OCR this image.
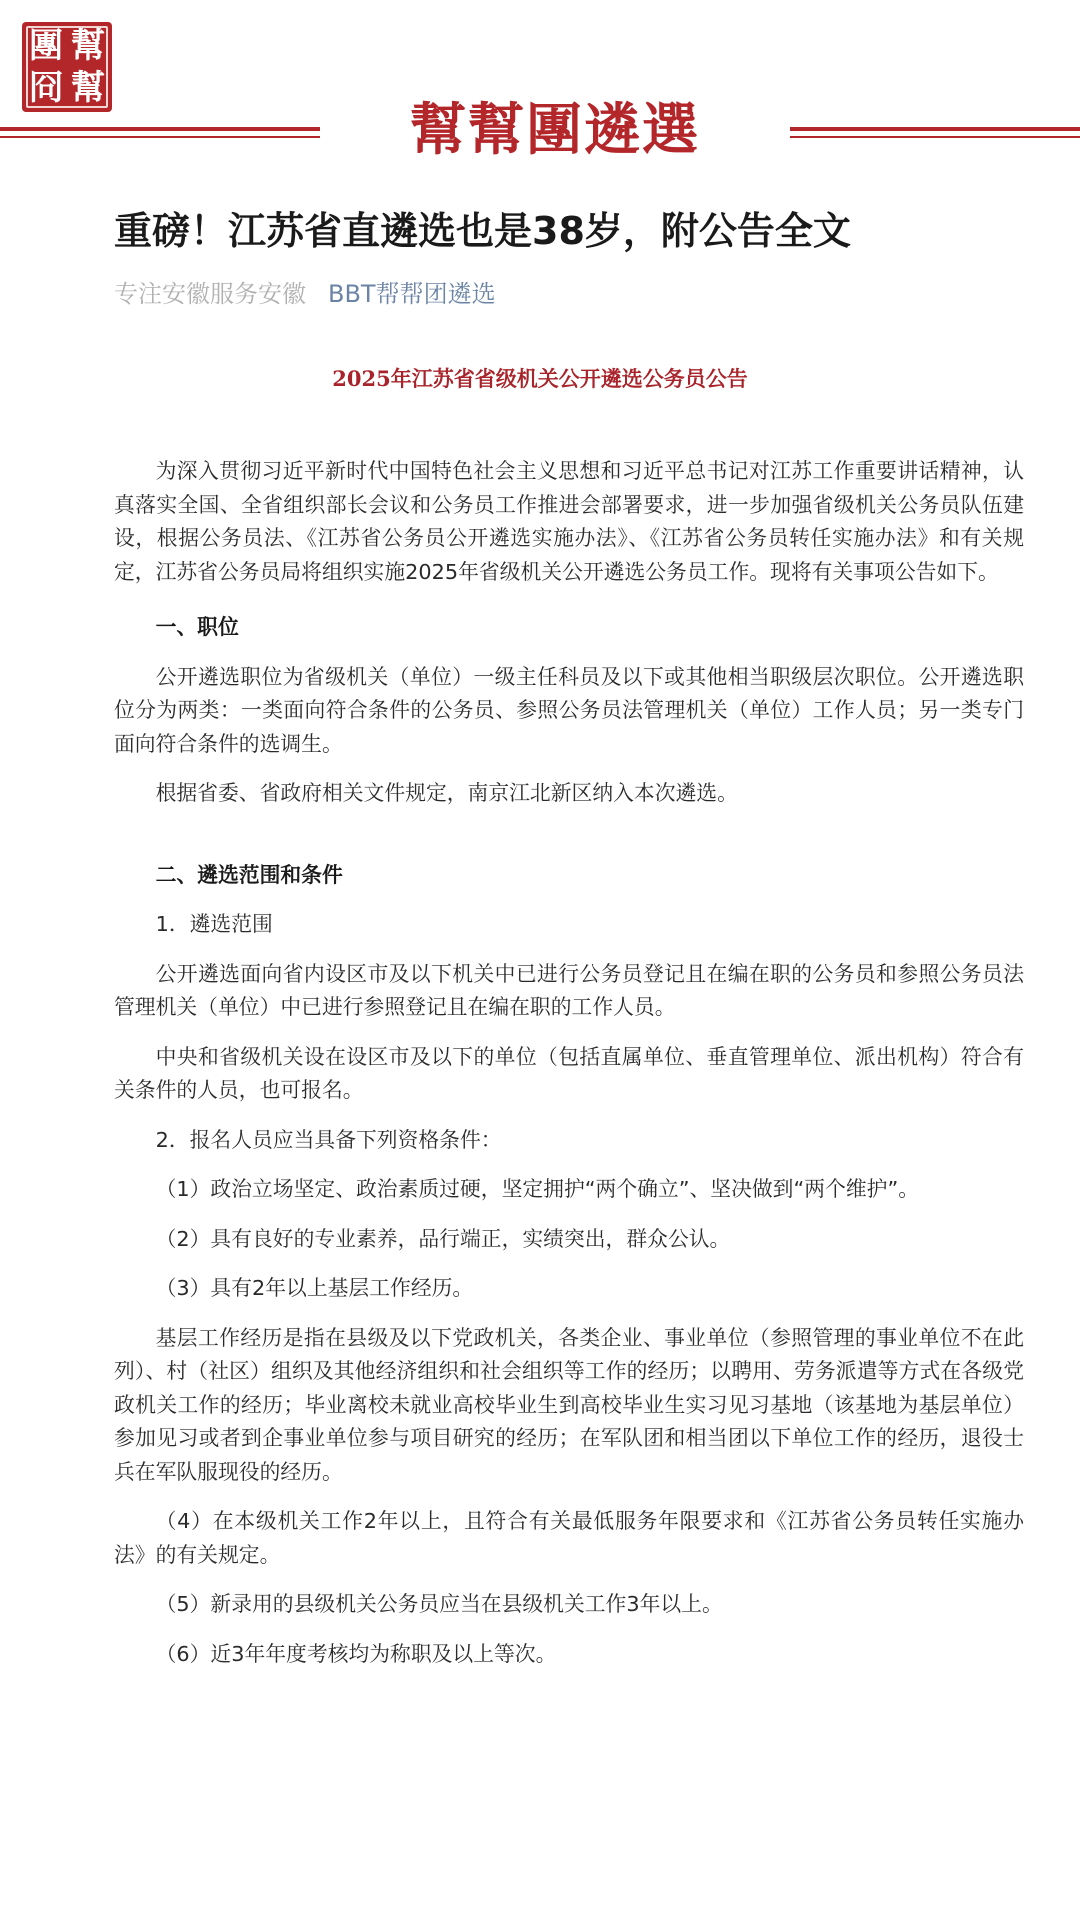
團 幫
冏 幫
幫幫團遴選
重磅！江苏省直遴选也是38岁，附公告全文
专注安徽服务安徽 BBT帮帮团遴选
2025年江苏省省级机关公开遴选公务员公告

为深入贯彻习近平新时代中国特色社会主义思想和习近平总书记对江苏工作重要讲话精神，认真落实全国、全省组织部长会议和公务员工作推进会部署要求，进一步加强省级机关公务员队伍建设，根据公务员法、《江苏省公务员公开遴选实施办法》、《江苏省公务员转任实施办法》和有关规定，江苏省公务员局将组织实施2025年省级机关公开遴选公务员工作。现将有关事项公告如下。

一、职位

公开遴选职位为省级机关（单位）一级主任科员及以下或其他相当职级层次职位。公开遴选职位分为两类：一类面向符合条件的公务员、参照公务员法管理机关（单位）工作人员；另一类专门面向符合条件的选调生。

根据省委、省政府相关文件规定，南京江北新区纳入本次遴选。

二、遴选范围和条件

1．遴选范围

公开遴选面向省内设区市及以下机关中已进行公务员登记且在编在职的公务员和参照公务员法管理机关（单位）中已进行参照登记且在编在职的工作人员。

中央和省级机关设在设区市及以下的单位（包括直属单位、垂直管理单位、派出机构）符合有关条件的人员，也可报名。

2．报名人员应当具备下列资格条件：

（1）政治立场坚定、政治素质过硬，坚定拥护“两个确立”、坚决做到“两个维护”。

（2）具有良好的专业素养，品行端正，实绩突出，群众公认。

（3）具有2年以上基层工作经历。

基层工作经历是指在县级及以下党政机关，各类企业、事业单位（参照管理的事业单位不在此列）、村（社区）组织及其他经济组织和社会组织等工作的经历；以聘用、劳务派遣等方式在各级党政机关工作的经历；毕业离校未就业高校毕业生到高校毕业生实习见习基地（该基地为基层单位）参加见习或者到企事业单位参与项目研究的经历；在军队团和相当团以下单位工作的经历，退役士兵在军队服现役的经历。

（4）在本级机关工作2年以上，且符合有关最低服务年限要求和《江苏省公务员转任实施办法》的有关规定。

（5）新录用的县级机关公务员应当在县级机关工作3年以上。

（6）近3年年度考核均为称职及以上等次。
